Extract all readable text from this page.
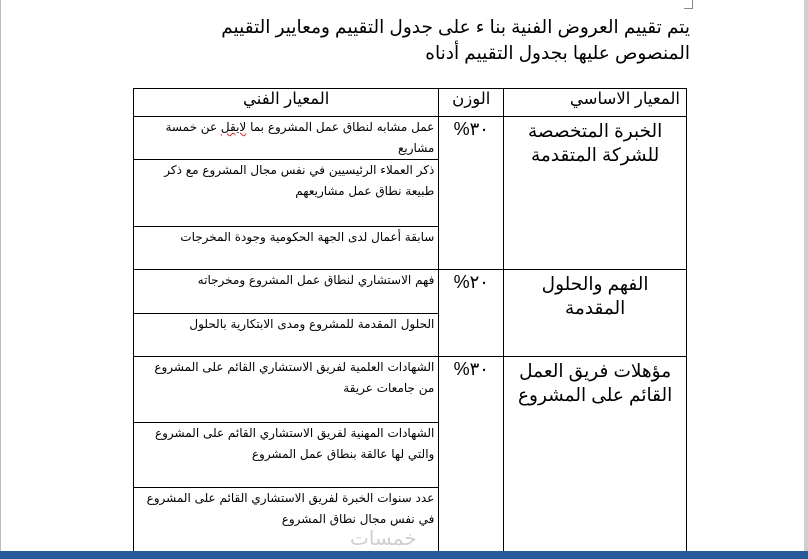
يتم تقييم العروض الفنية بنا ء على جدول التقييم ومعايير التقييم
المنصوص عليها بجدول التقييم أدناه
المعيار الاساسي	الوزن	المعيار الفني
الخبرة المتخصصة للشركة المتقدمة	٣٠%	عمل مشابه لنطاق عمل المشروع بما لايقل عن خمسة مشاريع
		ذكر العملاء الرئيسيين في نفس مجال المشروع مع ذكر طبيعة نطاق عمل مشاريعهم
		سابقة أعمال لدى الجهة الحكومية وجودة المخرجات
الفهم والحلول المقدمة	٢٠%	فهم الاستشاري لنطاق عمل المشروع ومخرجاته
		الحلول المقدمة للمشروع ومدى الابتكارية بالحلول
مؤهلات فريق العمل القائم على المشروع	٣٠%	الشهادات العلمية لفريق الاستشاري القائم على المشروع من جامعات عريقة
		الشهادات المهنية لفريق الاستشاري القائم على المشروع والتي لها عالقة بنطاق عمل المشروع
		عدد سنوات الخبرة لفريق الاستشاري القائم على المشروع في نفس مجال نطاق المشروع
خمسات
